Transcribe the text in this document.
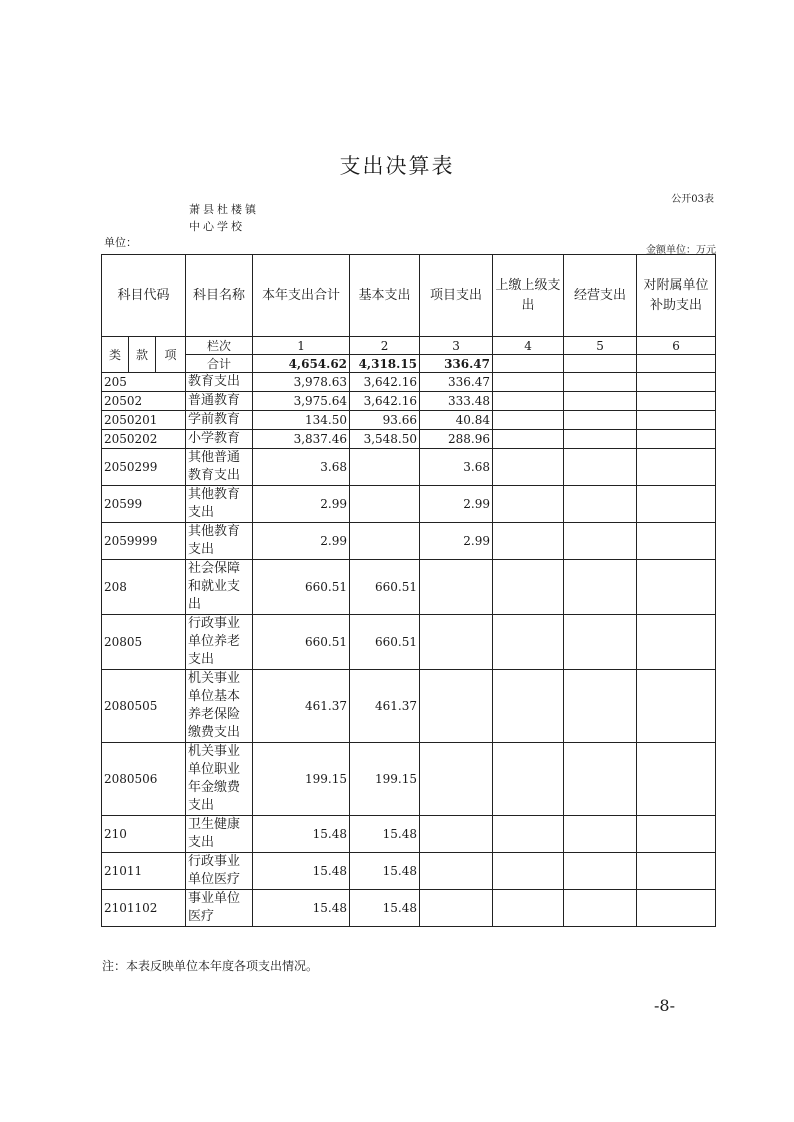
支出决算表
公开03表
萧县杜楼镇中心学校
单位：
金额单位：万元
科目代码			科目名称	本年支出合计	基本支出	项目支出	上缴上级支出	经营支出	对附属单位补助支出
类	款	项	栏次	1	2	3	4	5	6
			合计	4,654.62	4,318.15	336.47			
205			教育支出	3,978.63	3,642.16	336.47			
20502			普通教育	3,975.64	3,642.16	333.48			
2050201			学前教育	134.50	93.66	40.84			
2050202			小学教育	3,837.46	3,548.50	288.96			
2050299			其他普通教育支出	3.68		3.68			
20599			其他教育支出	2.99		2.99			
2059999			其他教育支出	2.99		2.99			
208			社会保障和就业支出	660.51	660.51				
20805			行政事业单位养老支出	660.51	660.51				
2080505			机关事业单位基本养老保险缴费支出	461.37	461.37				
2080506			机关事业单位职业年金缴费支出	199.15	199.15				
210			卫生健康支出	15.48	15.48				
21011			行政事业单位医疗	15.48	15.48				
2101102			事业单位医疗	15.48	15.48				
注：本表反映单位本年度各项支出情况。
-8-
